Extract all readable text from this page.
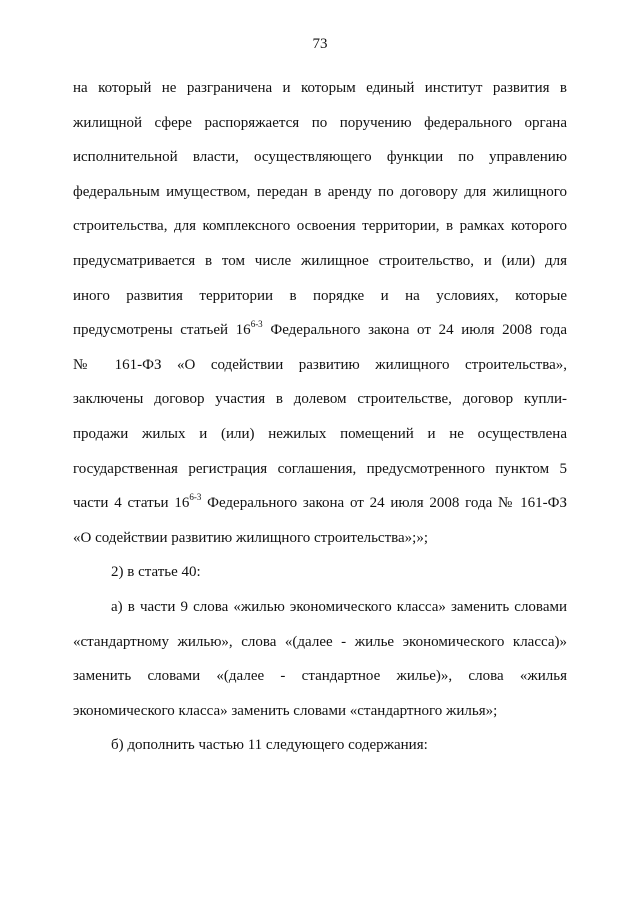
73
на который не разграничена и которым единый институт развития в
жилищной сфере распоряжается по поручению федерального органа
исполнительной власти, осуществляющего функции по управлению
федеральным имуществом, передан в аренду по договору для жилищного
строительства, для комплексного освоения территории, в рамках которого
предусматривается в том числе жилищное строительство, и (или) для
иного развития территории в порядке и на условиях, которые
предусмотрены статьей 16$^{6-3}$ Федерального закона от 24 июля 2008 года
№ 161-ФЗ «О содействии развитию жилищного строительства»,
заключены договор участия в долевом строительстве, договор купли-
продажи жилых и (или) нежилых помещений и не осуществлена
государственная регистрация соглашения, предусмотренного пунктом 5
части 4 статьи 16$^{6-3}$ Федерального закона от 24 июля 2008 года № 161-ФЗ
«О содействии развитию жилищного строительства»;»;
2) в статье 40:
а) в части 9 слова «жилью экономического класса» заменить словами
«стандартному жилью», слова «(далее - жилье экономического класса)»
заменить словами «(далее - стандартное жилье)», слова «жилья
экономического класса» заменить словами «стандартного жилья»;
б) дополнить частью 11 следующего содержания:
